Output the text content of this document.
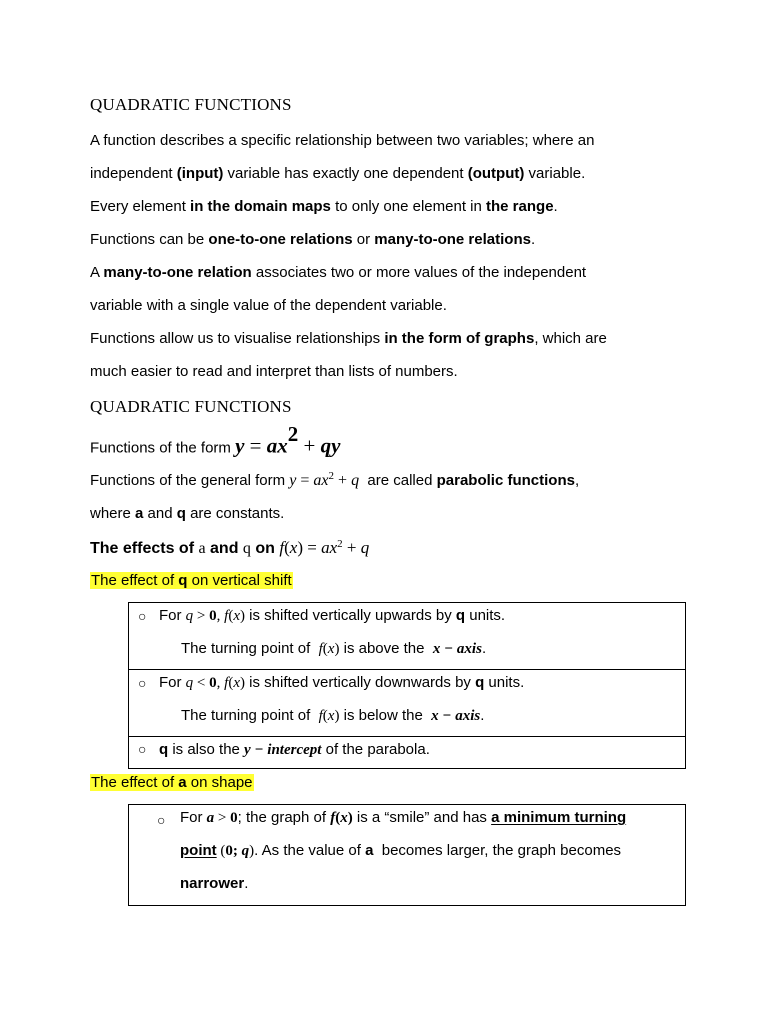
QUADRATIC FUNCTIONS
A function describes a specific relationship between two variables; where an
independent (input) variable has exactly one dependent (output) variable.
Every element in the domain maps to only one element in the range.
Functions can be one-to-one relations or many-to-one relations.
A many-to-one relation associates two or more values of the independent
variable with a single value of the dependent variable.
Functions allow us to visualise relationships in the form of graphs, which are
much easier to read and interpret than lists of numbers.
QUADRATIC FUNCTIONS
Functions of the form $y = ax^2$ + qy
Functions of the general form $y = ax^2 + q$  are called parabolic functions,
where a and q are constants.
The effects of a and q on $f(x) = ax^2 + q$
The effect of q on vertical shift
○ For q > 0, f(x) is shifted vertically upwards by q units.
The turning point of  f(x) is above the  x − axis.
○ For q < 0, f(x) is shifted vertically downwards by q units.
The turning point of  f(x) is below the  x − axis.
○ q is also the y − intercept of the parabola.
The effect of a on shape
○ For a > 0; the graph of f(x) is a “smile” and has a minimum turning
point (0; q). As the value of a  becomes larger, the graph becomes
narrower.
